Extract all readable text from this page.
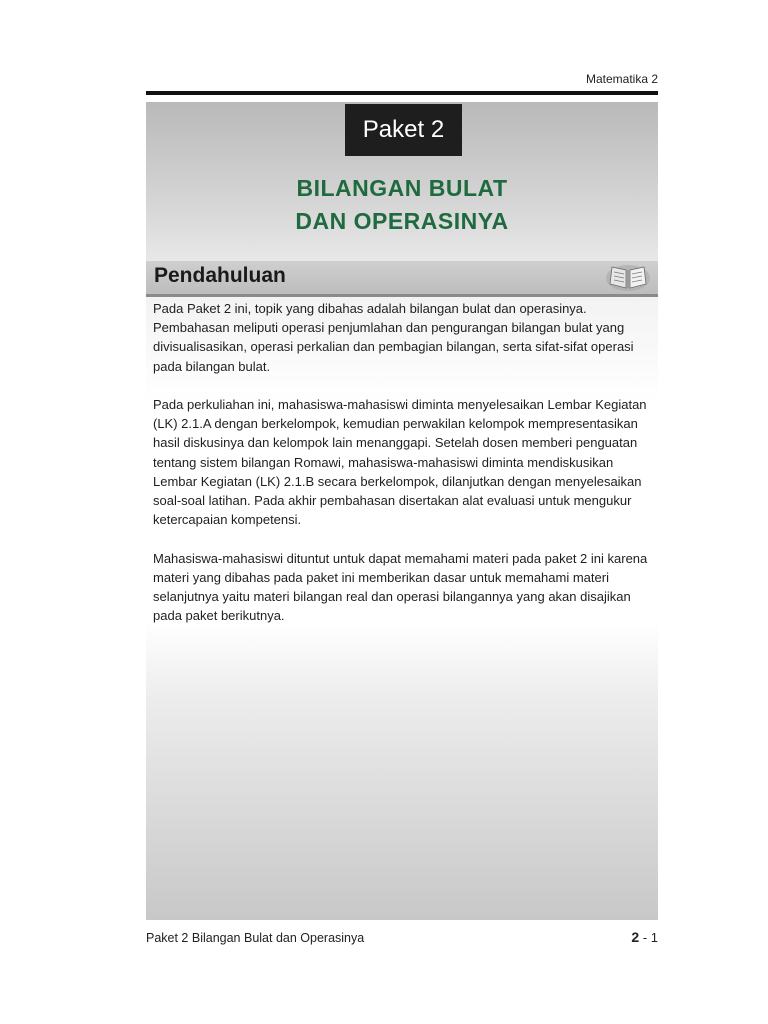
Matematika 2
Paket 2
BILANGAN BULAT
DAN OPERASINYA
Pendahuluan

Pada Paket 2 ini, topik yang dibahas adalah bilangan bulat dan operasinya. Pembahasan meliputi operasi penjumlahan dan pengurangan bilangan bulat yang divisualisasikan, operasi perkalian dan pembagian bilangan, serta sifat-sifat operasi pada bilangan bulat.

Pada perkuliahan ini, mahasiswa-mahasiswi diminta menyelesaikan Lembar Kegiatan (LK) 2.1.A dengan berkelompok, kemudian perwakilan kelompok mempresentasikan hasil diskusinya dan kelompok lain menanggapi. Setelah dosen memberi penguatan tentang sistem bilangan Romawi, mahasiswa-mahasiswi diminta mendiskusikan Lembar Kegiatan (LK) 2.1.B secara berkelompok, dilanjutkan dengan menyelesaikan soal-soal latihan. Pada akhir pembahasan disertakan alat evaluasi untuk mengukur ketercapaian kompetensi.

Mahasiswa-mahasiswi dituntut untuk dapat memahami materi pada paket 2 ini karena materi yang dibahas pada paket ini memberikan dasar untuk memahami materi selanjutnya yaitu materi bilangan real dan operasi bilangannya yang akan disajikan pada paket berikutnya.

Paket 2 Bilangan Bulat dan Operasinya	2 - 1
